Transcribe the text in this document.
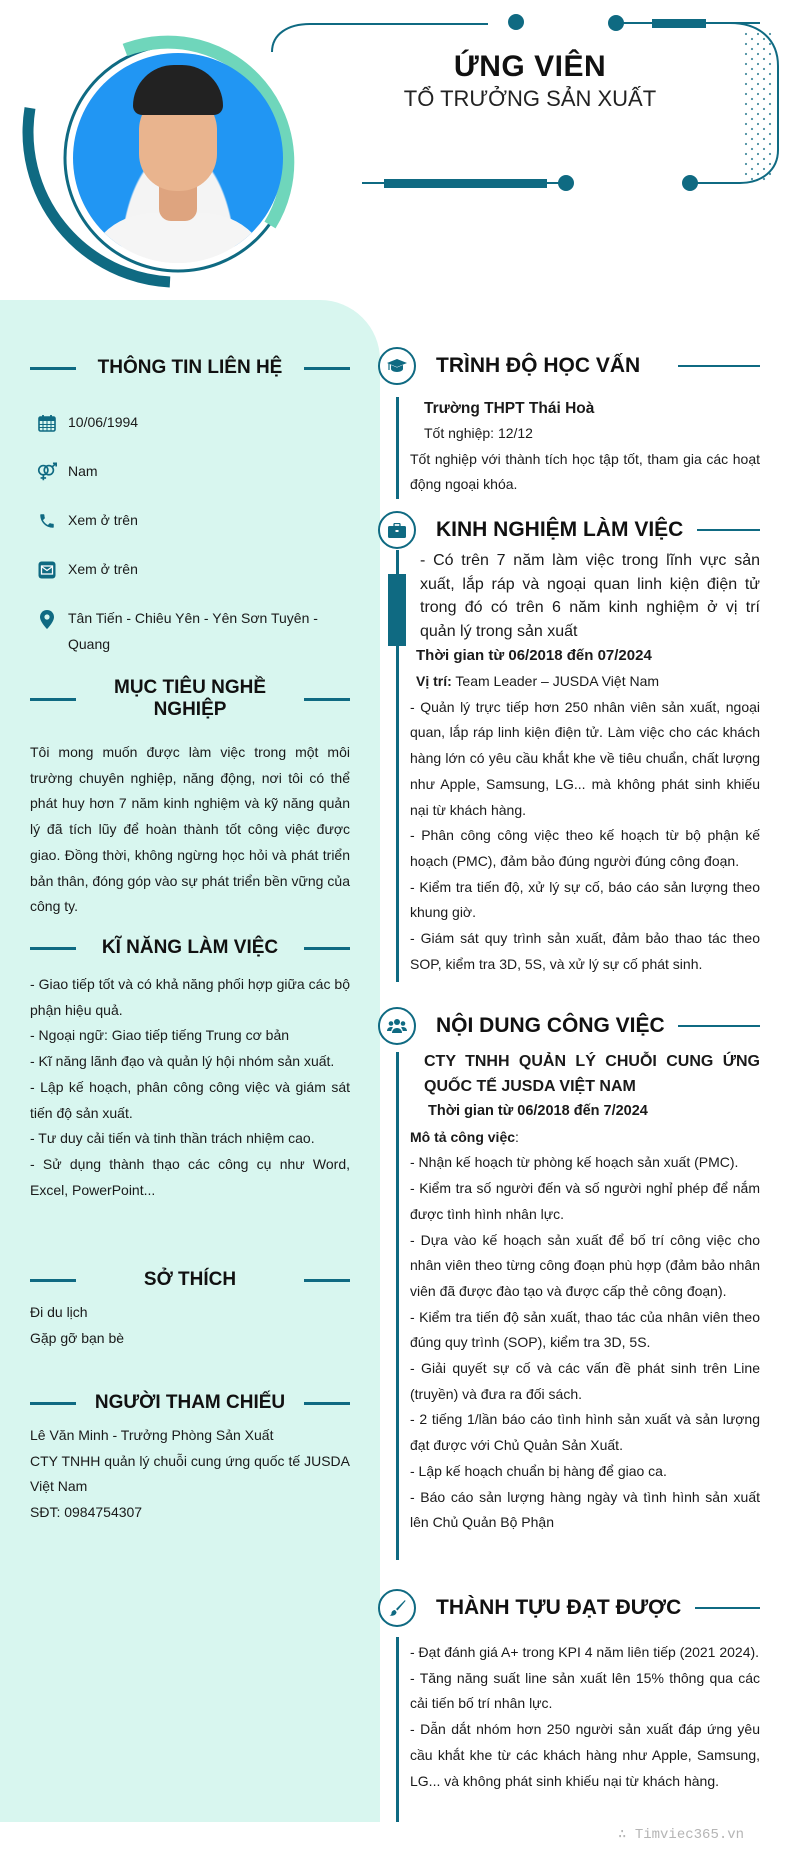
ỨNG VIÊN
TỔ TRƯỞNG SẢN XUẤT
THÔNG TIN LIÊN HỆ
10/06/1994
Nam
Xem ở trên
Xem ở trên
Tân Tiến - Chiêu Yên - Yên Sơn Tuyên - Quang
MỤC TIÊU NGHỀ NGHIỆP

Tôi mong muốn được làm việc trong một môi trường chuyên nghiệp, năng động, nơi tôi có thể phát huy hơn 7 năm kinh nghiệm và kỹ năng quản lý đã tích lũy để hoàn thành tốt công việc được giao. Đồng thời, không ngừng học hỏi và phát triển bản thân, đóng góp vào sự phát triển bền vững của công ty.

KĨ NĂNG LÀM VIỆC

- Giao tiếp tốt và có khả năng phối hợp giữa các bộ phận hiệu quả.

- Ngoại ngữ: Giao tiếp tiếng Trung cơ bản

- Kĩ năng lãnh đạo và quản lý hội nhóm sản xuất.

- Lập kế hoạch, phân công công việc và giám sát tiến độ sản xuất.

- Tư duy cải tiến và tinh thần trách nhiệm cao.

- Sử dụng thành thạo các công cụ như Word, Excel, PowerPoint...

SỞ THÍCH

Đi du lịch

Gặp gỡ bạn bè

NGƯỜI THAM CHIẾU

Lê Văn Minh - Trưởng Phòng Sản Xuất

CTY TNHH quản lý chuỗi cung ứng quốc tế JUSDA Việt Nam

SĐT: 0984754307

TRÌNH ĐỘ HỌC VẤN

Trường THPT Thái Hoà

Tốt nghiệp: 12/12

Tốt nghiệp với thành tích học tập tốt, tham gia các hoạt động ngoại khóa.

KINH NGHIỆM LÀM VIỆC

- Có trên 7 năm làm việc trong lĩnh vực sản xuất, lắp ráp và ngoại quan linh kiện điện tử trong đó có trên 6 năm kinh nghiệm ở vị trí quản lý trong sản xuất

Thời gian từ 06/2018 đến 07/2024

Vị trí: Team Leader – JUSDA Việt Nam

- Quản lý trực tiếp hơn 250 nhân viên sản xuất, ngoại quan, lắp ráp linh kiện điện tử. Làm việc cho các khách hàng lớn có yêu cầu khắt khe về tiêu chuẩn, chất lượng như Apple, Samsung, LG... mà không phát sinh khiếu nại từ khách hàng.

- Phân công công việc theo kế hoạch từ bộ phận kế hoạch (PMC), đảm bảo đúng người đúng công đoạn.

- Kiểm tra tiến độ, xử lý sự cố, báo cáo sản lượng theo khung giờ.

- Giám sát quy trình sản xuất, đảm bảo thao tác theo SOP, kiểm tra 3D, 5S, và xử lý sự cố phát sinh.

NỘI DUNG CÔNG VIỆC

CTY TNHH QUẢN LÝ CHUỖI CUNG ỨNG QUỐC TẾ JUSDA VIỆT NAM

Thời gian từ 06/2018 đến 7/2024

Mô tả công việc:

- Nhận kế hoạch từ phòng kế hoạch sản xuất (PMC).

- Kiểm tra số người đến và số người nghỉ phép để nắm được tình hình nhân lực.

- Dựa vào kế hoạch sản xuất để bố trí công việc cho nhân viên theo từng công đoạn phù hợp (đảm bảo nhân viên đã được đào tạo và được cấp thẻ công đoạn).

- Kiểm tra tiến độ sản xuất, thao tác của nhân viên theo đúng quy trình (SOP), kiểm tra 3D, 5S.

- Giải quyết sự cố và các vấn đề phát sinh trên Line (truyền) và đưa ra đối sách.

- 2 tiếng 1/lần báo cáo tình hình sản xuất và sản lượng đạt được với Chủ Quản Sản Xuất.

- Lập kế hoạch chuẩn bị hàng để giao ca.

- Báo cáo sản lượng hàng ngày và tình hình sản xuất lên Chủ Quản Bộ Phận

THÀNH TỰU ĐẠT ĐƯỢC

- Đạt đánh giá A+ trong KPI 4 năm liên tiếp (2021 2024).

- Tăng năng suất line sản xuất lên 15% thông qua các cải tiến bố trí nhân lực.

- Dẫn dắt nhóm hơn 250 người sản xuất đáp ứng yêu cầu khắt khe từ các khách hàng như Apple, Samsung, LG... và không phát sinh khiếu nại từ khách hàng.

∴ Timviec365.vn
